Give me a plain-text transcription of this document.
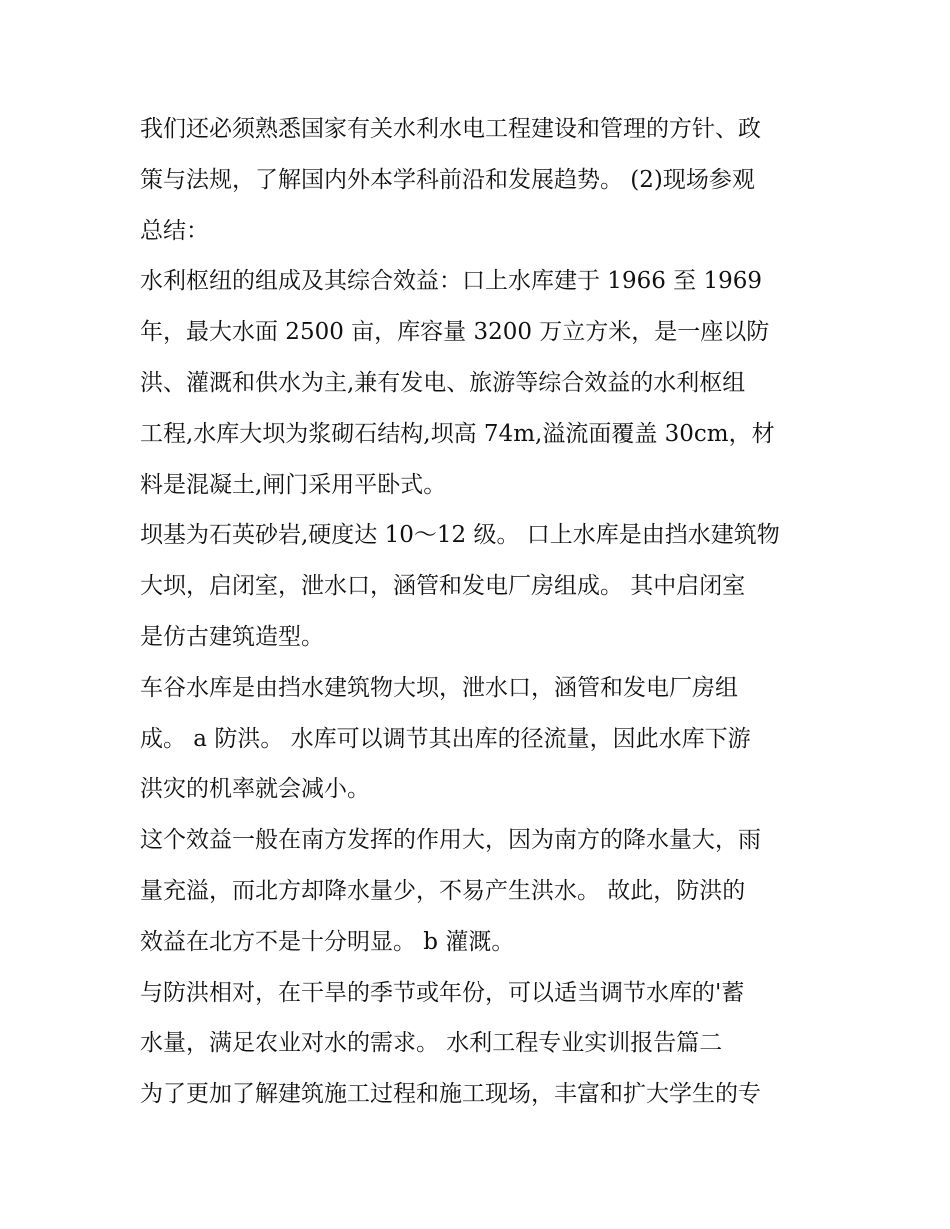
我们还必须熟悉国家有关水利水电工程建设和管理的方针、政
策与法规，了解国内外本学科前沿和发展趋势。 (2)现场参观
总结：
水利枢纽的组成及其综合效益：口上水库建于 1966 至 1969
年，最大水面 2500 亩，库容量 3200 万立方米，是一座以防
洪、灌溉和供水为主,兼有发电、旅游等综合效益的水利枢组
工程,水库大坝为浆砌石结构,坝高 74m,溢流面覆盖 30cm，材
料是混凝土,闸门采用平卧式。
坝基为石英砂岩,硬度达 10～12 级。 口上水库是由挡水建筑物
大坝，启闭室，泄水口，涵管和发电厂房组成。 其中启闭室
是仿古建筑造型。
车谷水库是由挡水建筑物大坝，泄水口，涵管和发电厂房组
成。 a 防洪。 水库可以调节其出库的径流量，因此水库下游
洪灾的机率就会减小。
这个效益一般在南方发挥的作用大，因为南方的降水量大，雨
量充溢，而北方却降水量少，不易产生洪水。 故此，防洪的
效益在北方不是十分明显。 b 灌溉。
与防洪相对，在干旱的季节或年份，可以适当调节水库的'蓄
水量，满足农业对水的需求。 水利工程专业实训报告篇二
为了更加了解建筑施工过程和施工现场，丰富和扩大学生的专
